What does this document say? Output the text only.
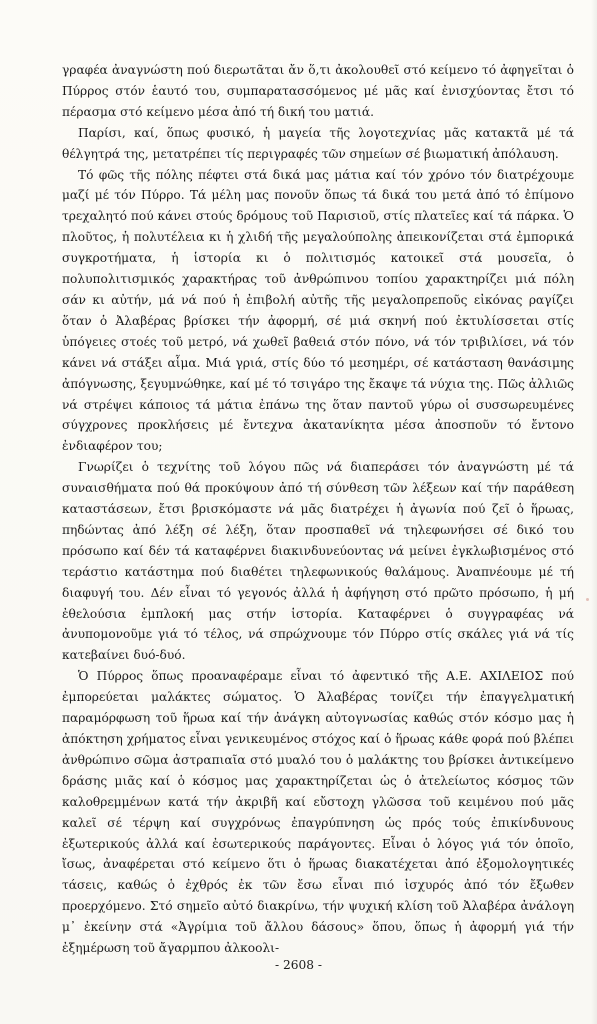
γραφέα ἀναγνώστη πού διερωτᾶται ἄν ὅ,τι ἀκολουθεῖ στό κείμενο τό ἀφηγεῖται ὁ Πύρρος στόν ἑαυτό του, συμπαρατασσόμενος μέ μᾶς καί ἐνισχύοντας ἔτσι τό πέρασμα στό κείμενο μέσα ἀπό τή δική του ματιά.

Παρίσι, καί, ὅπως φυσικό, ἡ μαγεία τῆς λογοτεχνίας μᾶς κατακτᾶ μέ τά θέλγητρά της, μετατρέπει τίς περιγραφές τῶν σημείων σέ βιωματική ἀπόλαυση.

Τό φῶς τῆς πόλης πέφτει στά δικά μας μάτια καί τόν χρόνο τόν διατρέχουμε μαζί μέ τόν Πύρρο. Τά μέλη μας πονοῦν ὅπως τά δικά του μετά ἀπό τό ἐπίμονο τρεχαλητό πού κάνει στούς δρόμους τοῦ Παρισιοῦ, στίς πλατεῖες καί τά πάρκα. Ὁ πλοῦτος, ἡ πολυτέλεια κι ἡ χλιδή τῆς μεγαλούπολης ἀπεικονίζεται στά ἐμπορικά συγκροτήματα, ἡ ἱστορία κι ὁ πολιτισμός κατοικεῖ στά μουσεῖα, ὁ πολυπολιτισμικός χαρακτήρας τοῦ ἀνθρώπινου τοπίου χαρακτηρίζει μιά πόλη σάν κι αὐτήν, μά νά πού ἡ ἐπιβολή αὐτῆς τῆς μεγαλοπρεποῦς εἰκόνας ραγίζει ὅταν ὁ Ἀλαβέρας βρίσκει τήν ἀφορμή, σέ μιά σκηνή πού ἐκτυλίσσεται στίς ὑπόγειες στοές τοῦ μετρό, νά χωθεῖ βαθειά στόν πόνο, νά τόν τριβιλίσει, νά τόν κάνει νά στάξει αἷμα. Μιά γριά, στίς δύο τό μεσημέρι, σέ κατάσταση θανάσιμης ἀπόγνωσης, ξεγυμνώθηκε, καί μέ τό τσιγάρο της ἔκαψε τά νύχια της. Πῶς ἀλλιῶς νά στρέψει κάποιος τά μάτια ἐπάνω της ὅταν παντοῦ γύρω οἱ συσσωρευμένες σύγχρονες προκλήσεις μέ ἔντεχνα ἀκατανίκητα μέσα ἀποσποῦν τό ἔντονο ἐνδιαφέρον του;

Γνωρίζει ὁ τεχνίτης τοῦ λόγου πῶς νά διαπεράσει τόν ἀναγνώστη μέ τά συναισθήματα πού θά προκύψουν ἀπό τή σύνθεση τῶν λέξεων καί τήν παράθεση καταστάσεων, ἔτσι βρισκόμαστε νά μᾶς διατρέχει ἡ ἀγωνία πού ζεῖ ὁ ἥρωας, πηδώντας ἀπό λέξη σέ λέξη, ὅταν προσπαθεῖ νά τηλεφωνήσει σέ δικό του πρόσωπο καί δέν τά καταφέρνει διακινδυνεύοντας νά μείνει ἐγκλωβισμένος στό τεράστιο κατάστημα πού διαθέτει τηλεφωνικούς θαλάμους. Ἀναπνέουμε μέ τή διαφυγή του. Δέν εἶναι τό γεγονός ἀλλά ἡ ἀφήγηση στό πρῶτο πρόσωπο, ἡ μή ἐθελούσια ἐμπλοκή μας στήν ἱστορία. Καταφέρνει ὁ συγγραφέας νά ἀνυπομονοῦμε γιά τό τέλος, νά σπρώχνουμε τόν Πύρρο στίς σκάλες γιά νά τίς κατεβαίνει δυό-δυό.

Ὁ Πύρρος ὅπως προαναφέραμε εἶναι τό ἀφεντικό τῆς Α.Ε. ΑΧΙΛΕΙΟΣ πού ἐμπορεύεται μαλάκτες σώματος. Ὁ Ἀλαβέρας τονίζει τήν ἐπαγγελματική παραμόρφωση τοῦ ἥρωα καί τήν ἀνάγκη αὐτογνωσίας καθώς στόν κόσμο μας ἡ ἀπόκτηση χρήματος εἶναι γενικευμένος στόχος καί ὁ ἥρωας κάθε φορά πού βλέπει ἀνθρώπινο σῶμα ἀστραπιαῖα στό μυαλό του ὁ μαλάκτης του βρίσκει ἀντικείμενο δράσης μιᾶς καί ὁ κόσμος μας χαρακτηρίζεται ὡς ὁ ἀτελείωτος κόσμος τῶν καλοθρεμμένων κατά τήν ἀκριβῆ καί εὔστοχη γλῶσσα τοῦ κειμένου πού μᾶς καλεῖ σέ τέρψη καί συγχρόνως ἐπαγρύπνηση ὡς πρός τούς ἐπικίνδυνους ἐξωτερικούς ἀλλά καί ἐσωτερικούς παράγοντες. Εἶναι ὁ λόγος γιά τόν ὁποῖο, ἴσως, ἀναφέρεται στό κείμενο ὅτι ὁ ἥρωας διακατέχεται ἀπό ἐξομολογητικές τάσεις, καθώς ὁ ἐχθρός ἐκ τῶν ἔσω εἶναι πιό ἰσχυρός ἀπό τόν ἔξωθεν προερχόμενο. Στό σημεῖο αὐτό διακρίνω, τήν ψυχική κλίση τοῦ Ἀλαβέρα ἀνάλογη μ᾿ ἐκείνην στά «Ἀγρίμια τοῦ ἄλλου δάσους» ὅπου, ὅπως ἡ ἀφορμή γιά τήν ἐξημέρωση τοῦ ἄγαρμπου ἀλκοολι-

- 2608 -
